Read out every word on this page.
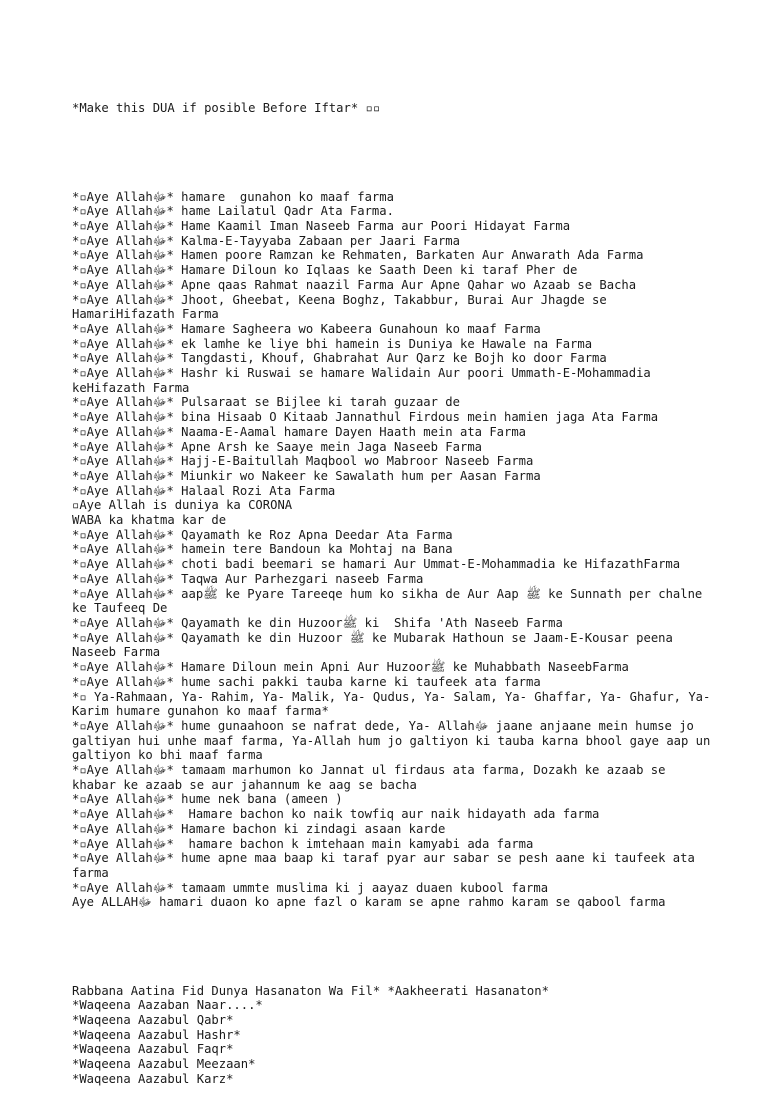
*Make this DUA if posible Before Iftar* ▫▫

*▫Aye Allahﷻ* hamare  gunahon ko maaf farma
*▫Aye Allahﷻ* hame Lailatul Qadr Ata Farma.
*▫Aye Allahﷻ* Hame Kaamil Iman Naseeb Farma aur Poori Hidayat Farma
*▫Aye Allahﷻ* Kalma-E-Tayyaba Zabaan per Jaari Farma
*▫Aye Allahﷻ* Hamen poore Ramzan ke Rehmaten, Barkaten Aur Anwarath Ada Farma
*▫Aye Allahﷻ* Hamare Diloun ko Iqlaas ke Saath Deen ki taraf Pher de
*▫Aye Allahﷻ* Apne qaas Rahmat naazil Farma Aur Apne Qahar wo Azaab se Bacha
*▫Aye Allahﷻ* Jhoot, Gheebat, Keena Boghz, Takabbur, Burai Aur Jhagde se HamariHifazath Farma
*▫Aye Allahﷻ* Hamare Sagheera wo Kabeera Gunahoun ko maaf Farma
*▫Aye Allahﷻ* ek lamhe ke liye bhi hamein is Duniya ke Hawale na Farma
*▫Aye Allahﷻ* Tangdasti, Khouf, Ghabrahat Aur Qarz ke Bojh ko door Farma
*▫Aye Allahﷻ* Hashr ki Ruswai se hamare Walidain Aur poori Ummath-E-Mohammadia keHifazath Farma
*▫Aye Allahﷻ* Pulsaraat se Bijlee ki tarah guzaar de
*▫Aye Allahﷻ* bina Hisaab O Kitaab Jannathul Firdous mein hamien jaga Ata Farma
*▫Aye Allahﷻ* Naama-E-Aamal hamare Dayen Haath mein ata Farma
*▫Aye Allahﷻ* Apne Arsh ke Saaye mein Jaga Naseeb Farma
*▫Aye Allahﷻ* Hajj-E-Baitullah Maqbool wo Mabroor Naseeb Farma
*▫Aye Allahﷻ* Miunkir wo Nakeer ke Sawalath hum per Aasan Farma
*▫Aye Allahﷻ* Halaal Rozi Ata Farma
▫Aye Allah is duniya ka CORONA
WABA ka khatma kar de
*▫Aye Allahﷻ* Qayamath ke Roz Apna Deedar Ata Farma
*▫Aye Allahﷻ* hamein tere Bandoun ka Mohtaj na Bana
*▫Aye Allahﷻ* choti badi beemari se hamari Aur Ummat-E-Mohammadia ke HifazathFarma
*▫Aye Allahﷻ* Taqwa Aur Parhezgari naseeb Farma
*▫Aye Allahﷻ* aapﷺ ke Pyare Tareeqe hum ko sikha de Aur Aap ﷺ ke Sunnath per chalne ke Taufeeq De
*▫Aye Allahﷻ* Qayamath ke din Huzoorﷺ ki  Shifa 'Ath Naseeb Farma
*▫Aye Allahﷻ* Qayamath ke din Huzoor ﷺ ke Mubarak Hathoun se Jaam-E-Kousar peena Naseeb Farma
*▫Aye Allahﷻ* Hamare Diloun mein Apni Aur Huzoorﷺ ke Muhabbath NaseebFarma
*▫Aye Allahﷻ* hume sachi pakki tauba karne ki taufeek ata farma
*▫ Ya-Rahmaan, Ya- Rahim, Ya- Malik, Ya- Qudus, Ya- Salam, Ya- Ghaffar, Ya- Ghafur, Ya- Karim humare gunahon ko maaf farma*
*▫Aye Allahﷻ* hume gunaahoon se nafrat dede, Ya- Allahﷻ jaane anjaane mein humse jo galtiyan hui unhe maaf farma, Ya-Allah hum jo galtiyon ki tauba karna bhool gaye aap un galtiyon ko bhi maaf farma
*▫Aye Allahﷻ* tamaam marhumon ko Jannat ul firdaus ata farma, Dozakh ke azaab se khabar ke azaab se aur jahannum ke aag se bacha
*▫Aye Allahﷻ* hume nek bana (ameen )
*▫Aye Allahﷻ*  Hamare bachon ko naik towfiq aur naik hidayath ada farma
*▫Aye Allahﷻ* Hamare bachon ki zindagi asaan karde
*▫Aye Allahﷻ*  hamare bachon k imtehaan main kamyabi ada farma
*▫Aye Allahﷻ* hume apne maa baap ki taraf pyar aur sabar se pesh aane ki taufeek ata farma
*▫Aye Allahﷻ* tamaam ummte muslima ki j aayaz duaen kubool farma
Aye ALLAHﷻ hamari duaon ko apne fazl o karam se apne rahmo karam se qabool farma

Rabbana Aatina Fid Dunya Hasanaton Wa Fil* *Aakheerati Hasanaton*
*Waqeena Aazaban Naar....*
*Waqeena Aazabul Qabr*
*Waqeena Aazabul Hashr*
*Waqeena Aazabul Faqr*
*Waqeena Aazabul Meezaan*
*Waqeena Aazabul Karz*
